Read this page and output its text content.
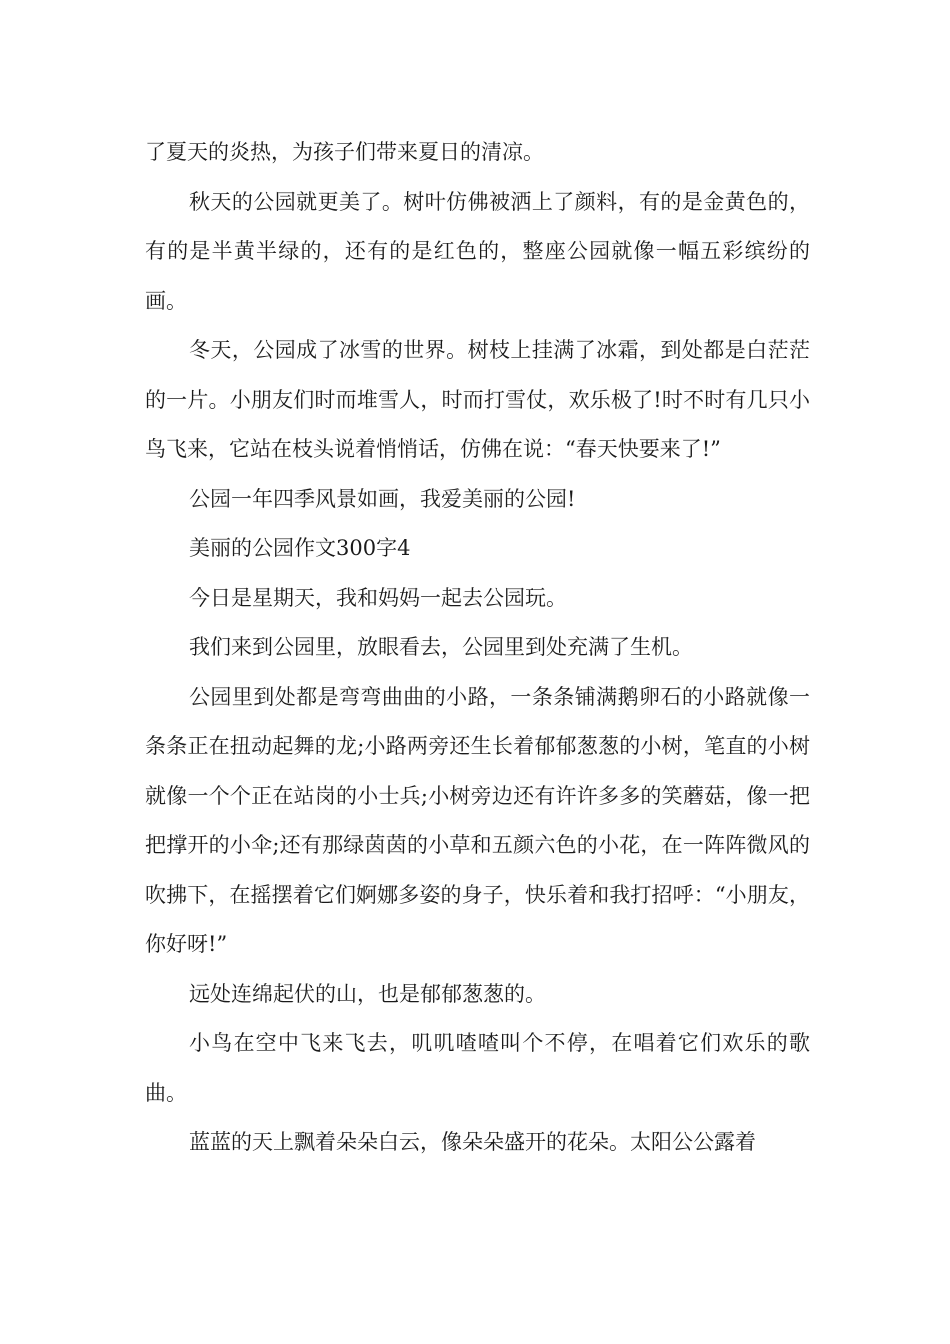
了夏天的炎热，为孩子们带来夏日的清凉。

秋天的公园就更美了。树叶仿佛被洒上了颜料，有的是金黄色的，有的是半黄半绿的，还有的是红色的，整座公园就像一幅五彩缤纷的画。

冬天，公园成了冰雪的世界。树枝上挂满了冰霜，到处都是白茫茫的一片。小朋友们时而堆雪人，时而打雪仗，欢乐极了!时不时有几只小鸟飞来，它站在枝头说着悄悄话，仿佛在说：“春天快要来了!”

公园一年四季风景如画，我爱美丽的公园!

美丽的公园作文300字4

今日是星期天，我和妈妈一起去公园玩。

我们来到公园里，放眼看去，公园里到处充满了生机。

公园里到处都是弯弯曲曲的小路，一条条铺满鹅卵石的小路就像一条条正在扭动起舞的龙;小路两旁还生长着郁郁葱葱的小树，笔直的小树就像一个个正在站岗的小士兵;小树旁边还有许许多多的笑蘑菇，像一把把撑开的小伞;还有那绿茵茵的小草和五颜六色的小花，在一阵阵微风的吹拂下，在摇摆着它们婀娜多姿的身子，快乐着和我打招呼：“小朋友，你好呀!”

远处连绵起伏的山，也是郁郁葱葱的。

小鸟在空中飞来飞去，叽叽喳喳叫个不停，在唱着它们欢乐的歌曲。

蓝蓝的天上飘着朵朵白云，像朵朵盛开的花朵。太阳公公露着
